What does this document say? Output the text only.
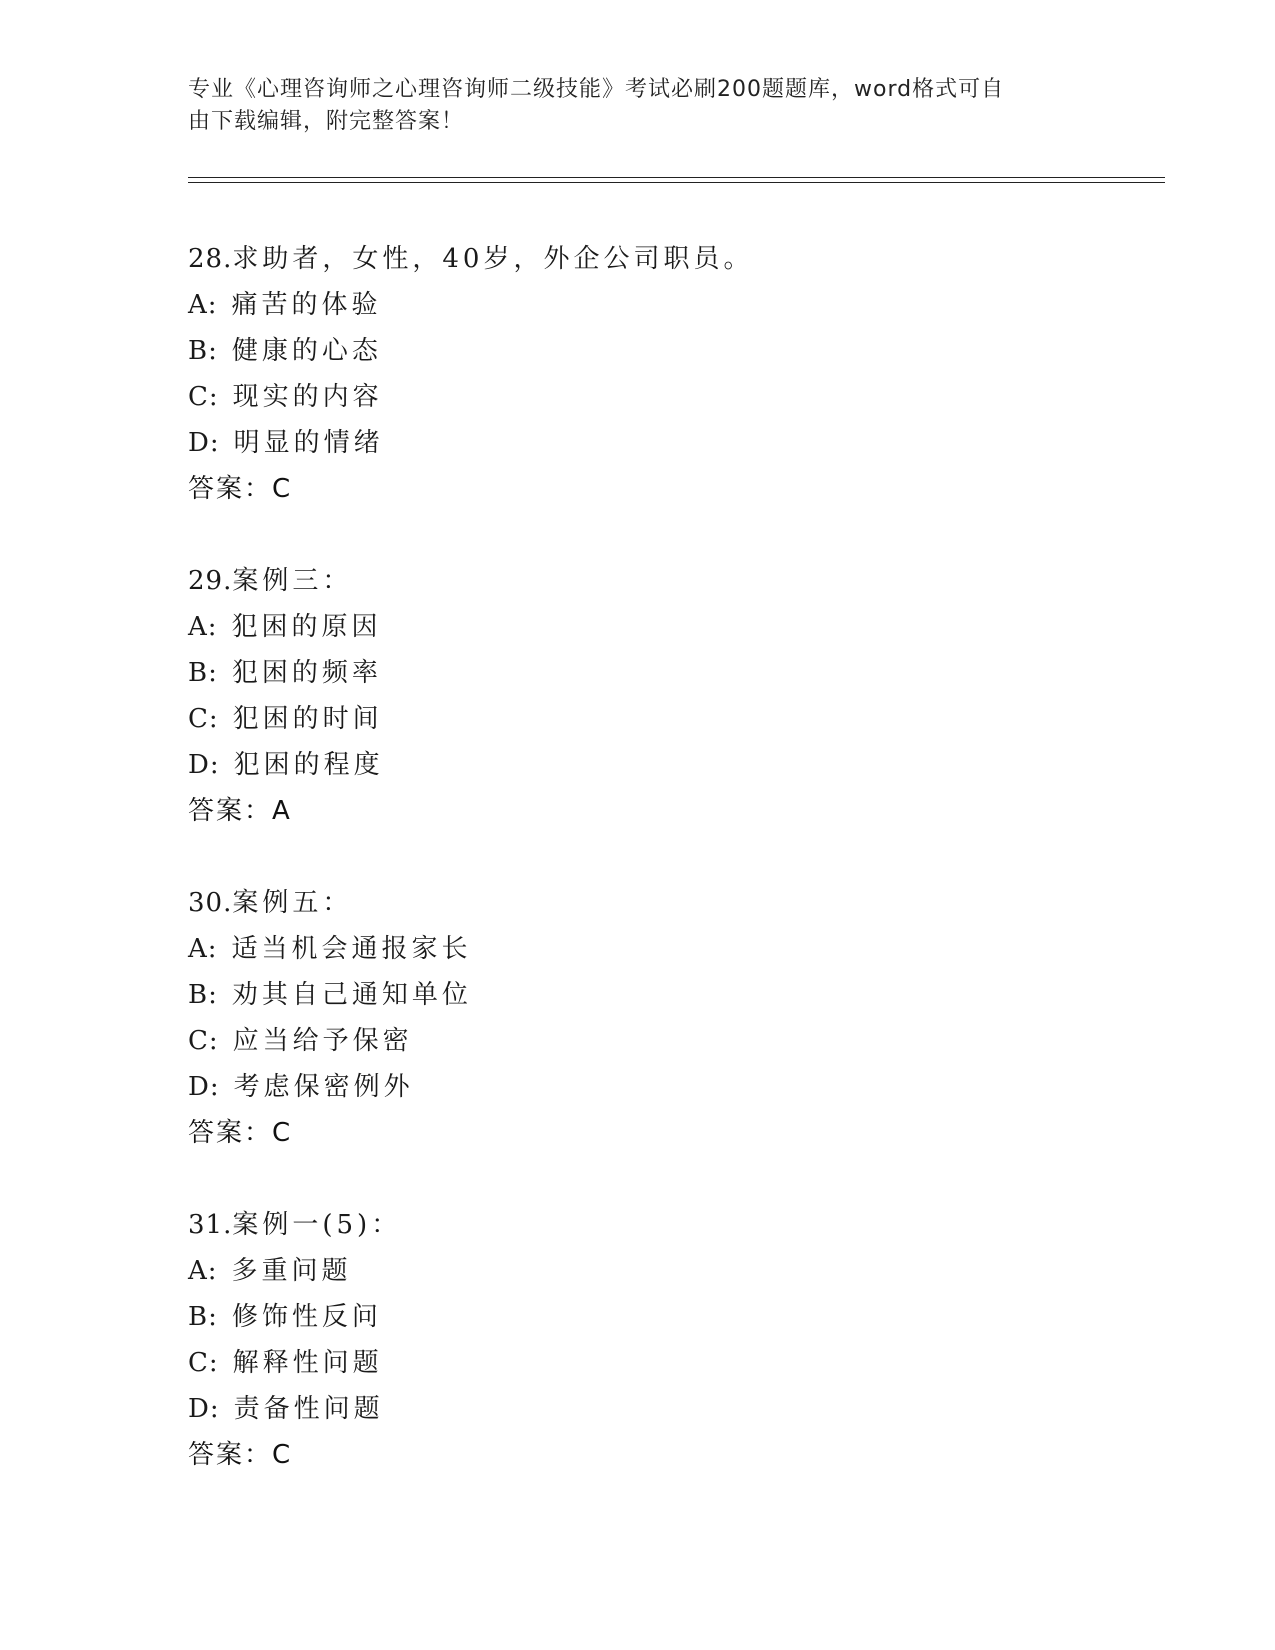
专业《心理咨询师之心理咨询师二级技能》考试必刷200题题库，word格式可自
由下载编辑，附完整答案！
28.求助者，女性，40岁，外企公司职员。
A: 痛苦的体验
B: 健康的心态
C: 现实的内容
D: 明显的情绪
答案：C
29.案例三：
A: 犯困的原因
B: 犯困的频率
C: 犯困的时间
D: 犯困的程度
答案：A
30.案例五：
A: 适当机会通报家长
B: 劝其自己通知单位
C: 应当给予保密
D: 考虑保密例外
答案：C
31.案例一(5)：
A: 多重问题
B: 修饰性反问
C: 解释性问题
D: 责备性问题
答案：C
